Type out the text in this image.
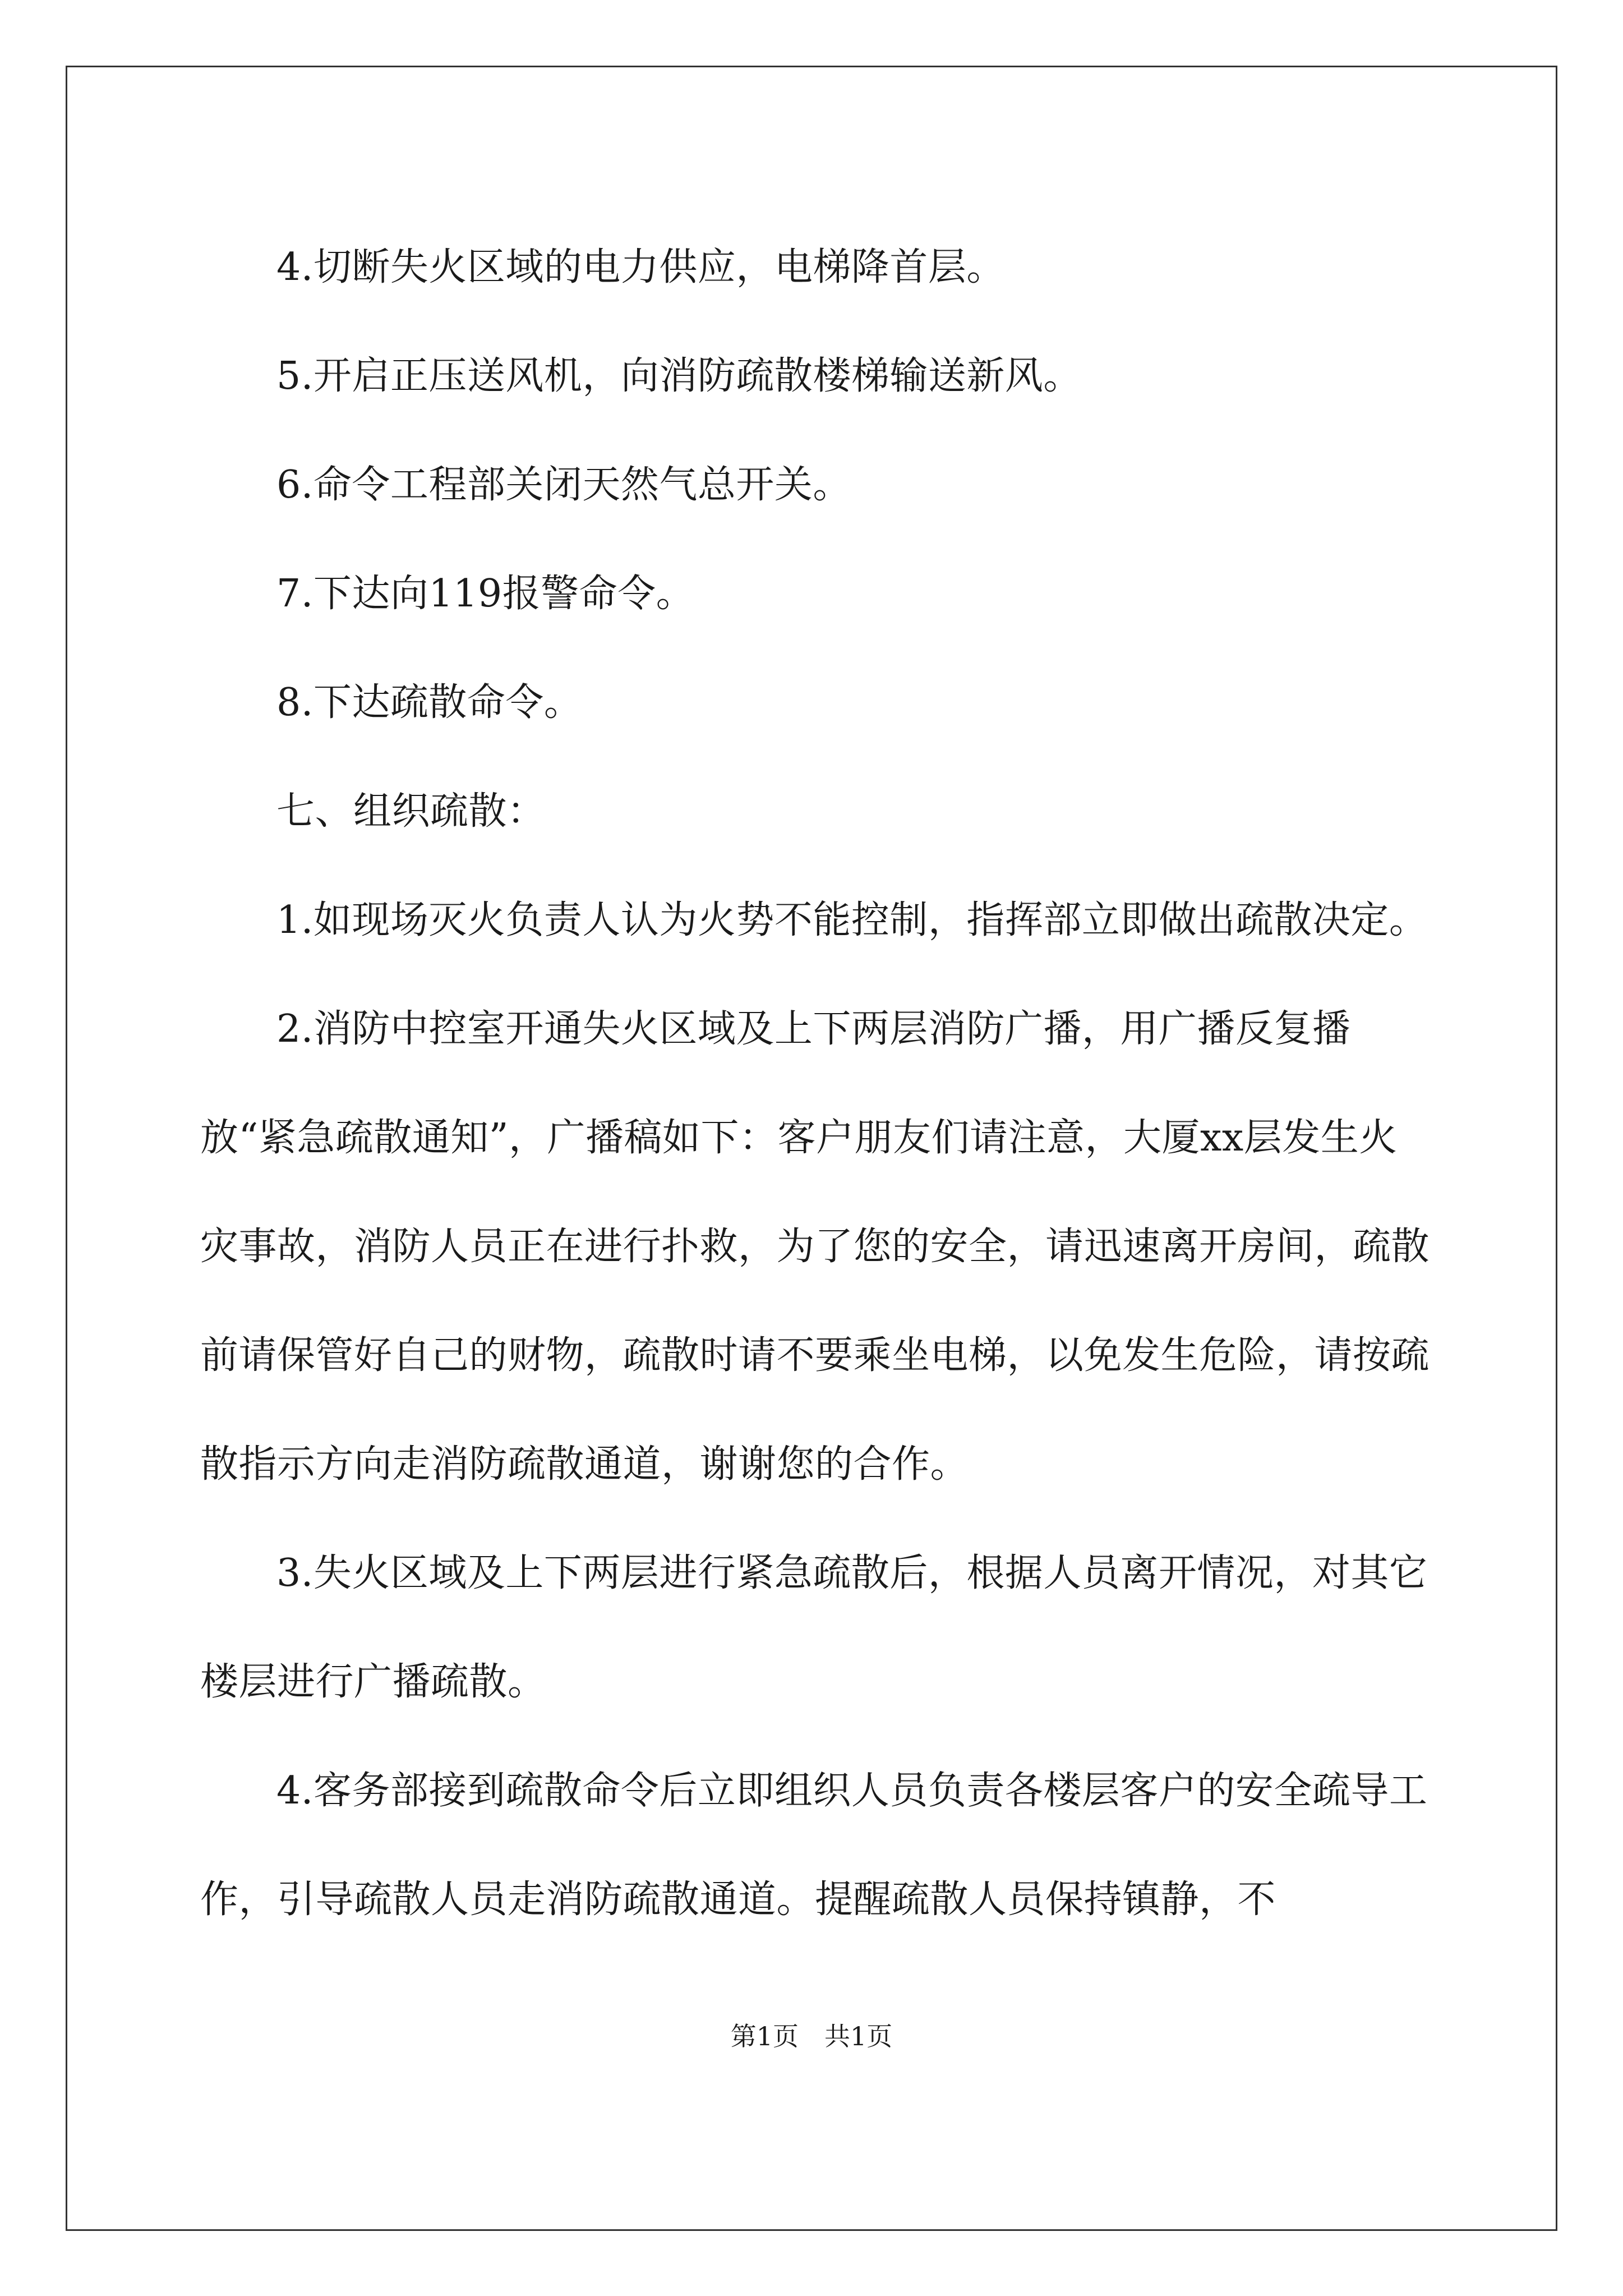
4.切断失火区域的电力供应，电梯降首层。

5.开启正压送风机，向消防疏散楼梯输送新风。

6.命令工程部关闭天然气总开关。

7.下达向119报警命令。

8.下达疏散命令。

七、组织疏散：

1.如现场灭火负责人认为火势不能控制，指挥部立即做出疏散决定。

2.消防中控室开通失火区域及上下两层消防广播，用广播反复播放“紧急疏散通知”，广播稿如下：客户朋友们请注意，大厦xx层发生火灾事故，消防人员正在进行扑救，为了您的安全，请迅速离开房间，疏散前请保管好自己的财物，疏散时请不要乘坐电梯，以免发生危险，请按疏散指示方向走消防疏散通道，谢谢您的合作。

3.失火区域及上下两层进行紧急疏散后，根据人员离开情况，对其它楼层进行广播疏散。

4.客务部接到疏散命令后立即组织人员负责各楼层客户的安全疏导工作，引导疏散人员走消防疏散通道。提醒疏散人员保持镇静，不

第1页 共1页
